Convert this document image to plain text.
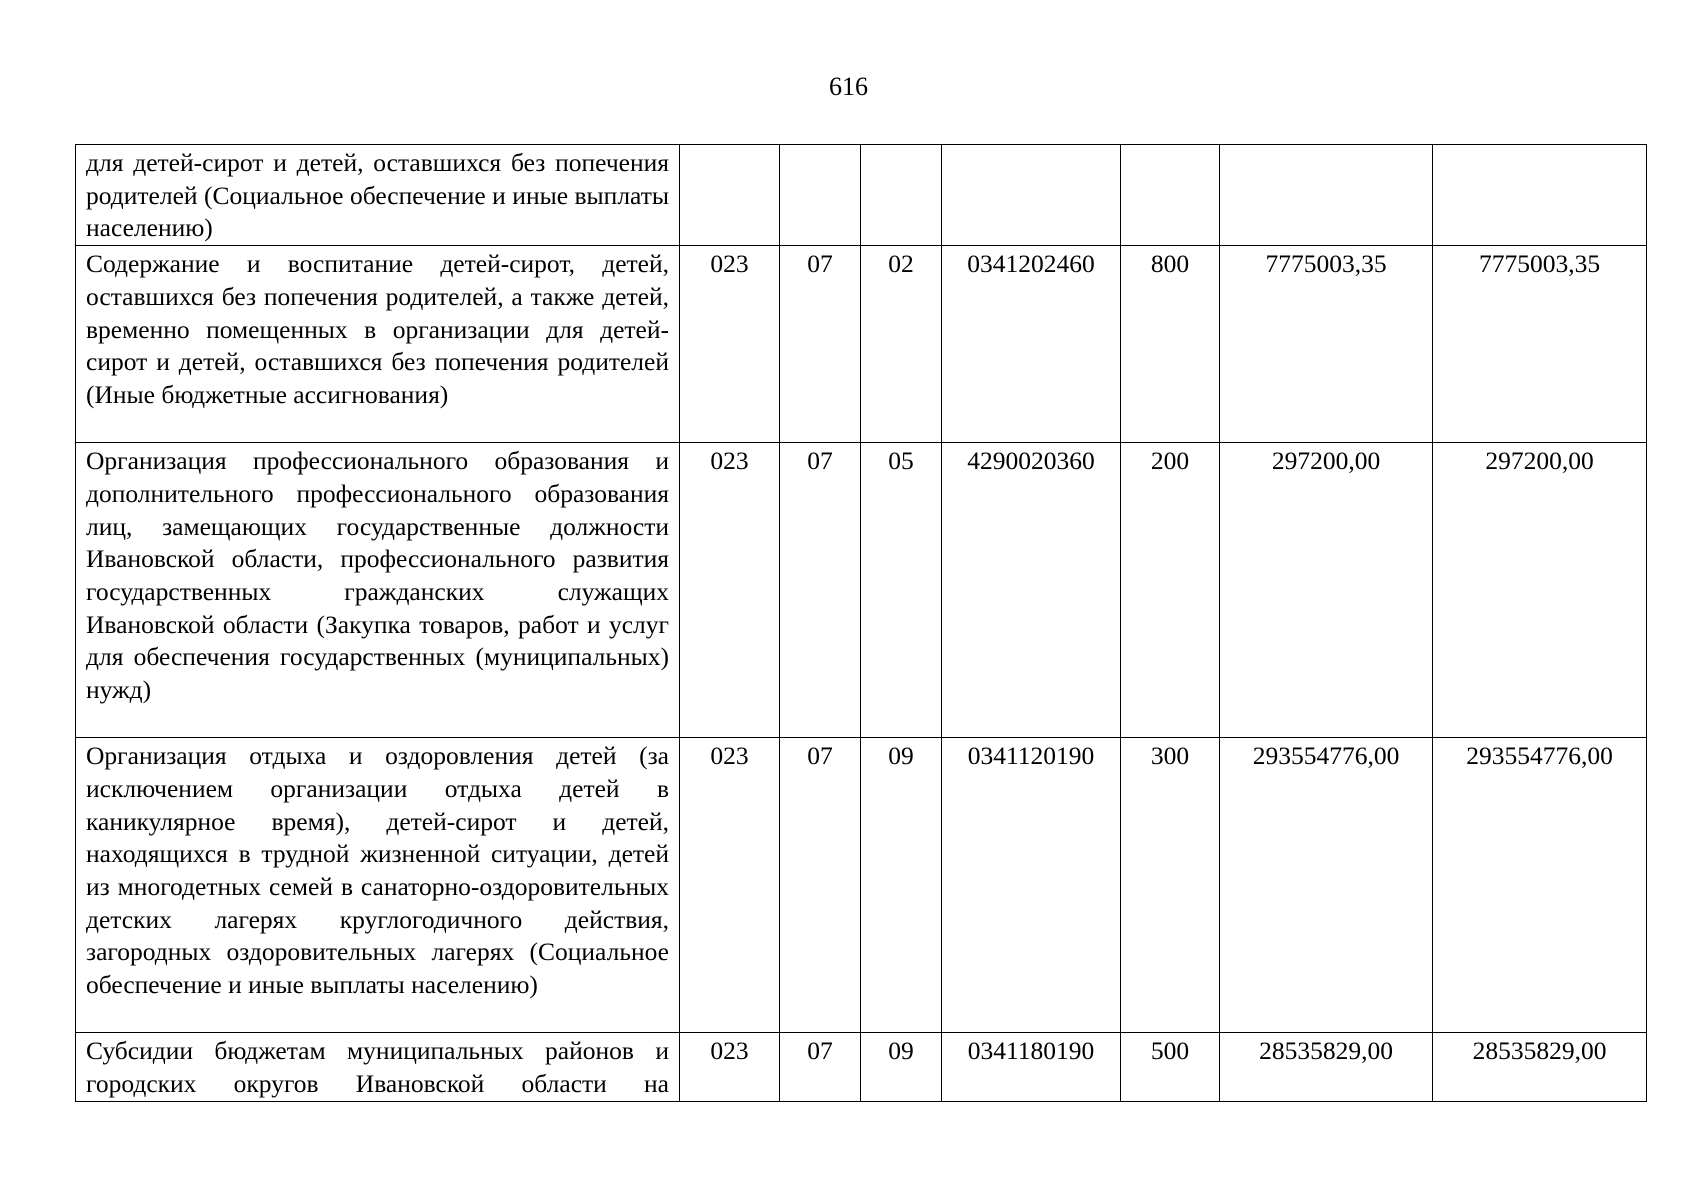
616
для детей-сирот и детей, оставшихся без попечения родителей (Социальное обеспечение и иные выплаты населению)							
Содержание и воспитание детей-сирот, детей, оставшихся без попечения родителей, а также детей, временно помещенных в организации для детей-сирот и детей, оставшихся без попечения родителей (Иные бюджетные ассигнования)	023	07	02	0341202460	800	7775003,35	7775003,35
Организация профессионального образования и дополнительного профессионального образования лиц, замещающих государственные должности Ивановской области, профессионального развития государственных гражданских служащих Ивановской области (Закупка товаров, работ и услуг для обеспечения государственных (муниципальных) нужд)	023	07	05	4290020360	200	297200,00	297200,00
Организация отдыха и оздоровления детей (за исключением организации отдыха детей в каникулярное время), детей-сирот и детей, находящихся в трудной жизненной ситуации, детей из многодетных семей в санаторно-оздоровительных детских лагерях круглогодичного действия, загородных оздоровительных лагерях (Социальное обеспечение и иные выплаты населению)	023	07	09	0341120190	300	293554776,00	293554776,00
Субсидии бюджетам муниципальных районов и городских округов Ивановской области на	023	07	09	0341180190	500	28535829,00	28535829,00
